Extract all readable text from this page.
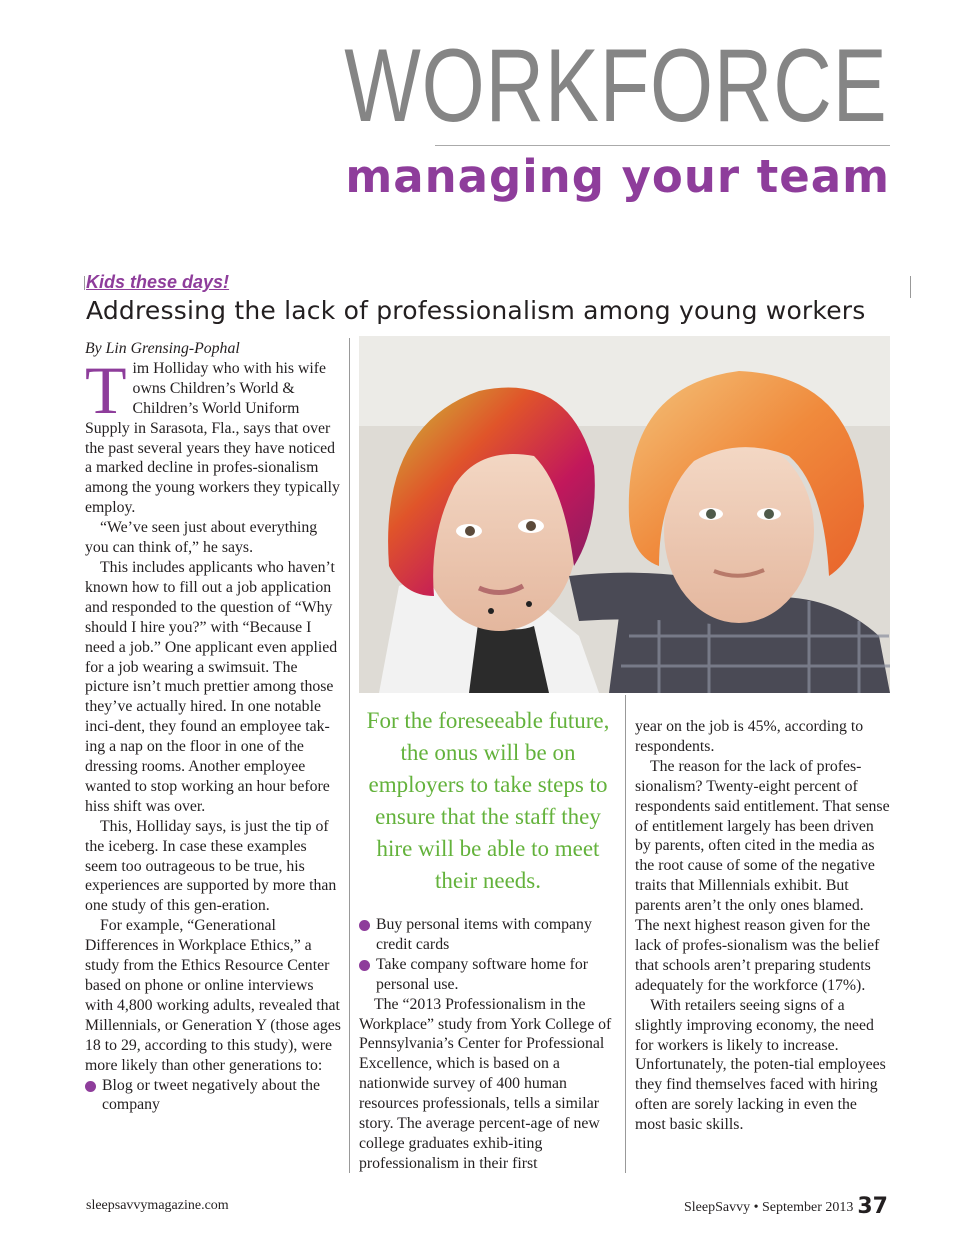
WORKFORCE
managing your team
Kids these days!
Addressing the lack of professionalism among young workers

By Lin Grensing-Pophal

Tim Holliday who with his wife owns Children’s World & Children’s World Uniform Supply in Sarasota, Fla., says that over the past several years they have noticed a marked decline in profes-sionalism among the young workers they typically employ.

“We’ve seen just about everything you can think of,” he says.

This includes applicants who haven’t known how to fill out a job application and responded to the question of “Why should I hire you?” with “Because I need a job.” One applicant even applied for a job wearing a swimsuit. The picture isn’t much prettier among those they’ve actually hired. In one notable inci-dent, they found an employee tak-ing a nap on the floor in one of the dressing rooms. Another employee wanted to stop working an hour before hiss shift was over.

This, Holliday says, is just the tip of the iceberg. In case these examples seem too outrageous to be true, his experiences are supported by more than one study of this gen-eration.

For example, “Generational Differences in Workplace Ethics,” a study from the Ethics Resource Center based on phone or online interviews with 4,800 working adults, revealed that Millennials, or Generation Y (those ages 18 to 29, according to this study), were more likely than other generations to:

Blog or tweet negatively about the company

For the foreseeable future, the onus will be on employers to take steps to ensure that the staff they hire will be able to meet their needs.

Buy personal items with company credit cards

Take company software home for personal use.

The “2013 Professionalism in the Workplace” study from York College of Pennsylvania’s Center for Professional Excellence, which is based on a nationwide survey of 400 human resources professionals, tells a similar story. The average percent-age of new college graduates exhib-iting professionalism in their first

year on the job is 45%, according to respondents.

The reason for the lack of profes-sionalism? Twenty-eight percent of respondents said entitlement. That sense of entitlement largely has been driven by parents, often cited in the media as the root cause of some of the negative traits that Millennials exhibit. But parents aren’t the only ones blamed. The next highest reason given for the lack of profes-sionalism was the belief that schools aren’t preparing students adequately for the workforce (17%).

With retailers seeing signs of a slightly improving economy, the need for workers is likely to increase. Unfortunately, the poten-tial employees they find themselves faced with hiring often are sorely lacking in even the most basic skills.

sleepsavvymagazine.com	SleepSavvy • September 2013 37
